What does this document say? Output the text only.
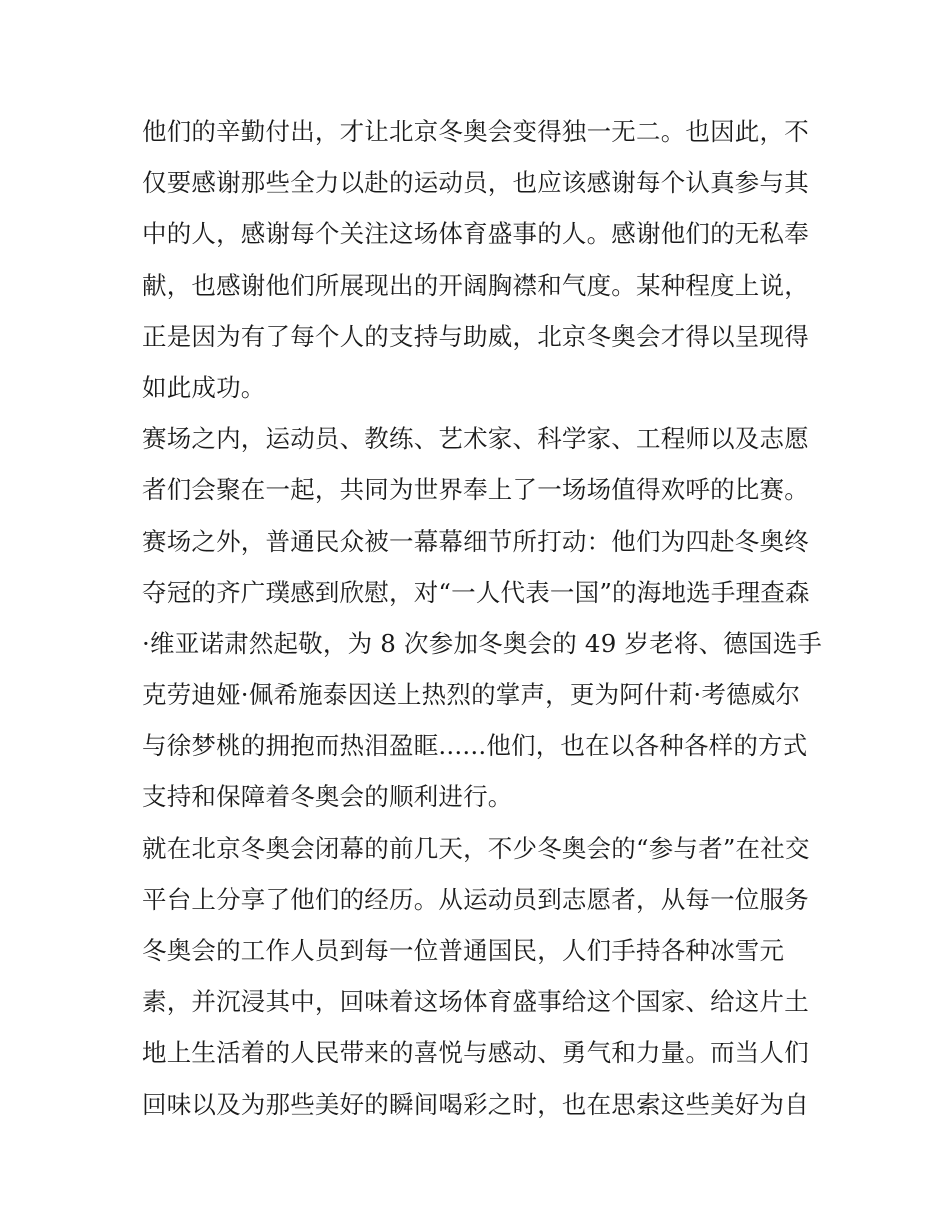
他们的辛勤付出，才让北京冬奥会变得独一无二。也因此，不
仅要感谢那些全力以赴的运动员，也应该感谢每个认真参与其
中的人，感谢每个关注这场体育盛事的人。感谢他们的无私奉
献，也感谢他们所展现出的开阔胸襟和气度。某种程度上说，
正是因为有了每个人的支持与助威，北京冬奥会才得以呈现得
如此成功。
赛场之内，运动员、教练、艺术家、科学家、工程师以及志愿
者们会聚在一起，共同为世界奉上了一场场值得欢呼的比赛。
赛场之外，普通民众被一幕幕细节所打动：他们为四赴冬奥终
夺冠的齐广璞感到欣慰，对“一人代表一国”的海地选手理查森
·维亚诺肃然起敬，为 8 次参加冬奥会的 49 岁老将、德国选手
克劳迪娅·佩希施泰因送上热烈的掌声，更为阿什莉·考德威尔
与徐梦桃的拥抱而热泪盈眶......他们，也在以各种各样的方式
支持和保障着冬奥会的顺利进行。
就在北京冬奥会闭幕的前几天，不少冬奥会的“参与者”在社交
平台上分享了他们的经历。从运动员到志愿者，从每一位服务
冬奥会的工作人员到每一位普通国民，人们手持各种冰雪元
素，并沉浸其中，回味着这场体育盛事给这个国家、给这片土
地上生活着的人民带来的喜悦与感动、勇气和力量。而当人们
回味以及为那些美好的瞬间喝彩之时，也在思索这些美好为自
